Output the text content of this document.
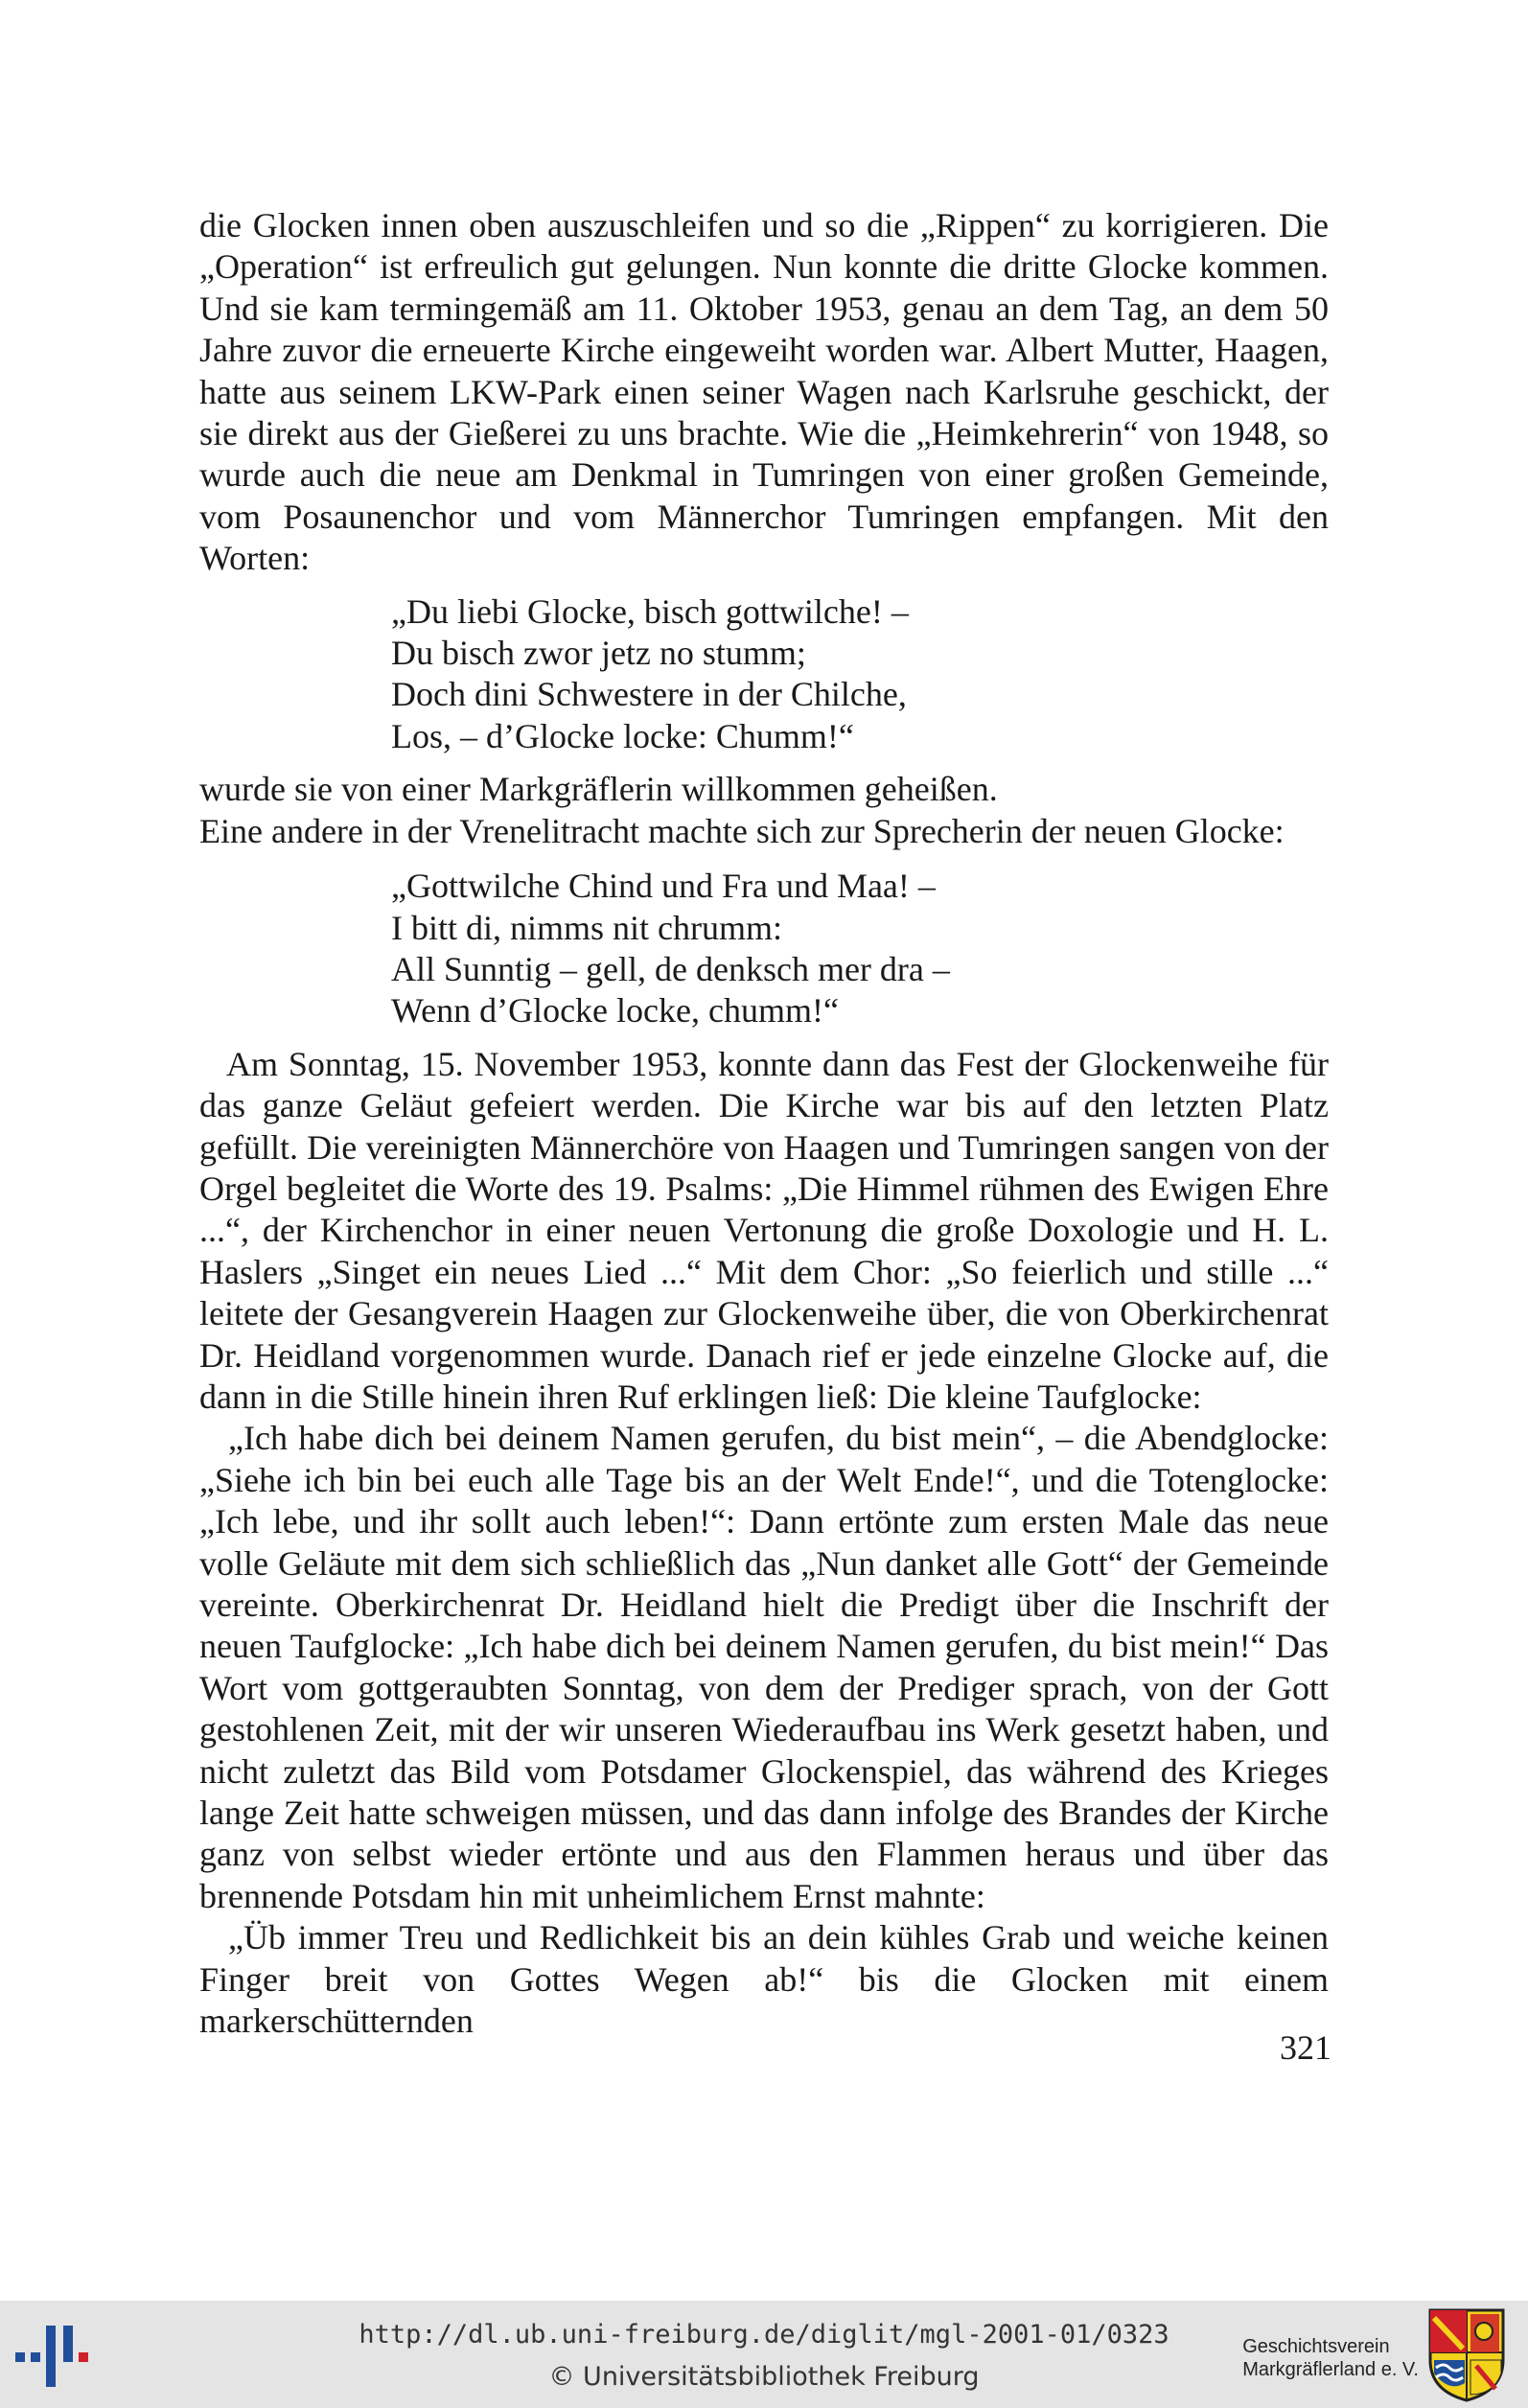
die Glocken innen oben auszuschleifen und so die „Rippen“ zu korrigieren. Die „Operation“ ist erfreulich gut gelungen. Nun konnte die dritte Glocke kommen. Und sie kam termingemäß am 11. Oktober 1953, genau an dem Tag, an dem 50 Jahre zuvor die erneuerte Kirche eingeweiht worden war. Albert Mutter, Haagen, hatte aus seinem LKW-Park einen seiner Wagen nach Karlsruhe geschickt, der sie direkt aus der Gießerei zu uns brachte. Wie die „Heimkehrerin“ von 1948, so wurde auch die neue am Denkmal in Tumringen von einer großen Gemeinde, vom Posaunenchor und vom Männerchor Tumringen empfangen. Mit den Worten:

„Du liebi Glocke, bisch gottwilche! –
Du bisch zwor jetz no stumm;
Doch dini Schwestere in der Chilche,
Los, – d’Glocke locke: Chumm!“

wurde sie von einer Markgräflerin willkommen geheißen.

Eine andere in der Vrenelitracht machte sich zur Sprecherin der neuen Glocke:

„Gottwilche Chind und Fra und Maa! –
I bitt di, nimms nit chrumm:
All Sunntig – gell, de denksch mer dra –
Wenn d’Glocke locke, chumm!“

Am Sonntag, 15. November 1953, konnte dann das Fest der Glockenweihe für das ganze Geläut gefeiert werden. Die Kirche war bis auf den letzten Platz gefüllt. Die vereinigten Männerchöre von Haagen und Tumringen sangen von der Orgel begleitet die Worte des 19. Psalms: „Die Himmel rühmen des Ewigen Ehre ...“, der Kirchenchor in einer neuen Vertonung die große Doxologie und H. L. Haslers „Singet ein neues Lied ...“ Mit dem Chor: „So feierlich und stille ...“ leitete der Gesangverein Haagen zur Glockenweihe über, die von Oberkirchenrat Dr. Heidland vorgenommen wurde. Danach rief er jede einzelne Glocke auf, die dann in die Stille hinein ihren Ruf erklingen ließ: Die kleine Taufglocke:

„Ich habe dich bei deinem Namen gerufen, du bist mein“, – die Abendglocke: „Siehe ich bin bei euch alle Tage bis an der Welt Ende!“, und die Totenglocke: „Ich lebe, und ihr sollt auch leben!“: Dann ertönte zum ersten Male das neue volle Geläute mit dem sich schließlich das „Nun danket alle Gott“ der Gemeinde vereinte. Oberkirchenrat Dr. Heidland hielt die Predigt über die Inschrift der neuen Taufglocke: „Ich habe dich bei deinem Namen gerufen, du bist mein!“ Das Wort vom gottgeraubten Sonntag, von dem der Prediger sprach, von der Gott gestohlenen Zeit, mit der wir unseren Wiederaufbau ins Werk gesetzt haben, und nicht zuletzt das Bild vom Potsdamer Glockenspiel, das während des Krieges lange Zeit hatte schweigen müssen, und das dann infolge des Brandes der Kirche ganz von selbst wieder ertönte und aus den Flammen heraus und über das brennende Potsdam hin mit unheimlichem Ernst mahnte:

„Üb immer Treu und Redlichkeit bis an dein kühles Grab und weiche keinen Finger breit von Gottes Wegen ab!“ bis die Glocken mit einem markerschütternden

321
http://dl.ub.uni-freiburg.de/diglit/mgl-2001-01/0323
© Universitätsbibliothek Freiburg
Geschichtsverein
Markgräflerland e. V.
